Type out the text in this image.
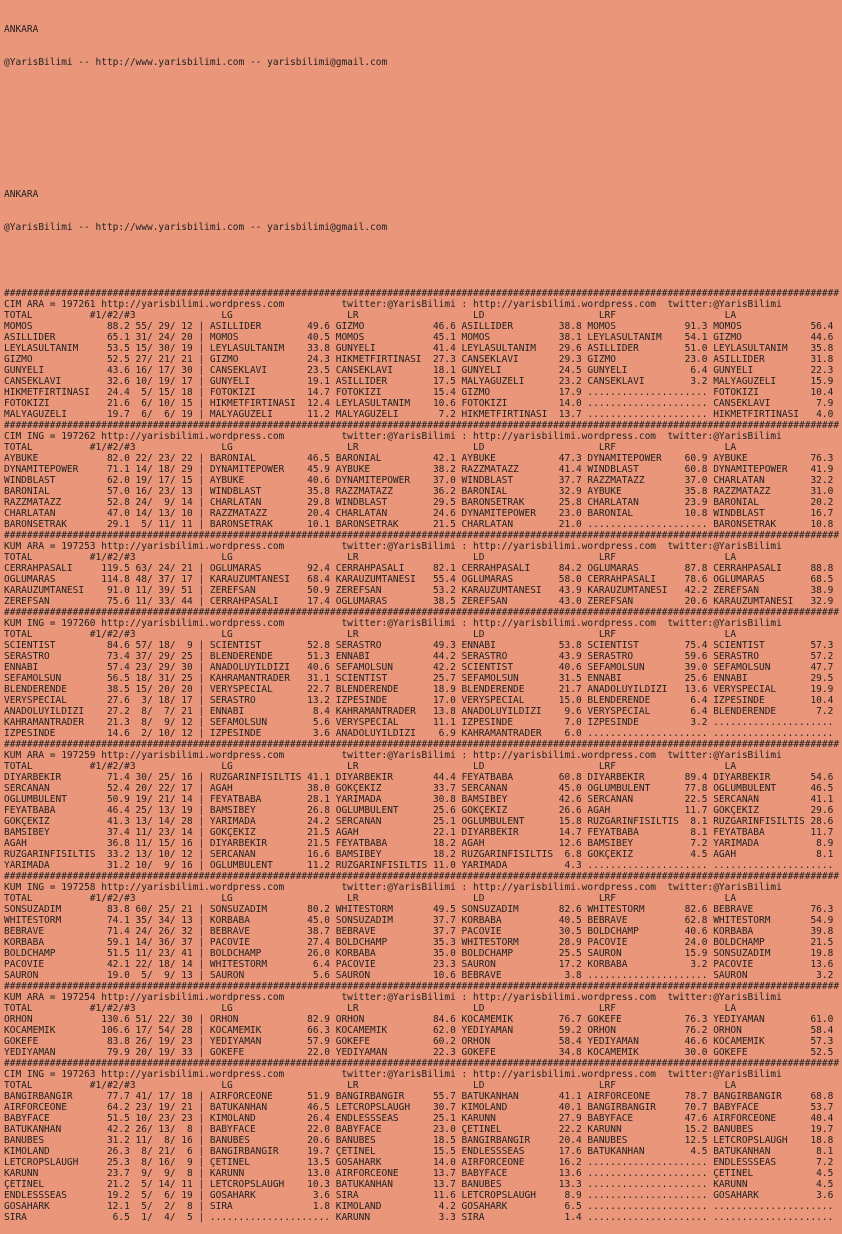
ANKARA

@YarisBilimi -- http://www.yarisbilimi.com -- yarisbilimi@gmail.com

ANKARA

@YarisBilimi -- http://www.yarisbilimi.com -- yarisbilimi@gmail.com

##################################################################################################################################################
CIM ARA = 197261 http://yarisbilimi.wordpress.com          twitter:@YarisBilimi : http://yarisbilimi.wordpress.com  twitter:@YarisBilimi
TOTAL          #1/#2/#3               LG                    LR                    LD                    LRF                   LA
MOMOS             88.2 55/ 29/ 12 | ASILLIDER        49.6 GIZMO            46.6 ASILLIDER        38.8 MOMOS            91.3 MOMOS            56.4
ASILLIDER         65.1 31/ 24/ 20 | MOMOS            40.5 MOMOS            45.1 MOMOS            38.1 LEYLASULTANIM    54.1 GIZMO            44.6
LEYLASULTANIM     53.5 15/ 30/ 19 | LEYLASULTANIM    33.8 GÜNYELI          41.4 LEYLASULTANIM    29.6 ASILLIDER        51.0 LEYLASULTANIM    35.8
GIZMO             52.5 27/ 21/ 21 | GIZMO            24.3 HIKMETFIRTINASI  27.3 CANSEKLAVI       29.3 GIZMO            23.0 ASILLIDER        31.8
GÜNYELI           43.6 16/ 17/ 30 | CANSEKLAVI       23.5 CANSEKLAVI       18.1 GÜNYELI          24.5 GÜNYELI           6.4 GÜNYELI          22.3
CANSEKLAVI        32.6 10/ 19/ 17 | GÜNYELI          19.1 ASILLIDER        17.5 MALYAGÜZELI      23.2 CANSEKLAVI        3.2 MALYAGÜZELI      15.9
HIKMETFIRTINASI   24.4  5/ 15/ 18 | FOTOKIZI         14.7 FOTOKIZI         15.4 GIZMO            17.9 ..................... FOTOKIZI         10.4
FOTOKIZI          21.6  6/ 10/ 15 | HIKMETFIRTINASI  12.4 LEYLASULTANIM    10.6 FOTOKIZI         14.0 ..................... CANSEKLAVI        7.9
MALYAGÜZELI       19.7  6/  6/ 19 | MALYAGÜZELI      11.2 MALYAGÜZELI       7.2 HIKMETFIRTINASI  13.7 ..................... HIKMETFIRTINASI   4.0
##################################################################################################################################################
CIM ING = 197262 http://yarisbilimi.wordpress.com          twitter:@YarisBilimi : http://yarisbilimi.wordpress.com  twitter:@YarisBilimi
TOTAL          #1/#2/#3               LG                    LR                    LD                    LRF                   LA
AYBÜKE            82.0 22/ 23/ 22 | BARONIAL         46.5 BARONIAL         42.1 AYBÜKE           47.3 DYNAMITEPOWER    60.9 AYBÜKE           76.3
DYNAMITEPOWER     71.1 14/ 18/ 29 | DYNAMITEPOWER    45.9 AYBÜKE           38.2 RAZZMATAZZ       41.4 WINDBLAST        60.8 DYNAMITEPOWER    41.9
WINDBLAST         62.0 19/ 17/ 15 | AYBÜKE           40.6 DYNAMITEPOWER    37.0 WINDBLAST        37.7 RAZZMATAZZ       37.0 CHARLATAN        32.2
BARONIAL          57.0 16/ 23/ 13 | WINDBLAST        35.8 RAZZMATAZZ       36.2 BARONIAL         32.9 AYBÜKE           35.8 RAZZMATAZZ       31.0
RAZZMATAZZ        52.8 24/  9/ 14 | CHARLATAN        29.8 WINDBLAST        29.5 BARONSETRAK      25.8 CHARLATAN        23.9 BARONIAL         20.2
CHARLATAN         47.0 14/ 13/ 10 | RAZZMATAZZ       20.4 CHARLATAN        24.6 DYNAMITEPOWER    23.0 BARONIAL         10.8 WINDBLAST        16.7
BARONSETRAK       29.1  5/ 11/ 11 | BARONSETRAK      10.1 BARONSETRAK      21.5 CHARLATAN        21.0 ..................... BARONSETRAK      10.8
##################################################################################################################################################
KUM ARA = 197253 http://yarisbilimi.wordpress.com          twitter:@YarisBilimi : http://yarisbilimi.wordpress.com  twitter:@YarisBilimi
TOTAL          #1/#2/#3               LG                    LR                    LD                    LRF                   LA
CERRAHPASALI     119.5 63/ 24/ 21 | OGLUMARAS        92.4 CERRAHPASALI     82.1 CERRAHPASALI     84.2 OGLUMARAS        87.8 CERRAHPASALI     88.8
OGLUMARAS        114.8 48/ 37/ 17 | KARAÜZÜMTANESI   68.4 KARAÜZÜMTANESI   55.4 OGLUMARAS        58.0 CERRAHPASALI     78.6 OGLUMARAS        68.5
KARAÜZÜMTANESI    91.0 11/ 39/ 51 | ZEREFSAN         50.9 ZEREFSAN         53.2 KARAÜZÜMTANESI   43.9 KARAÜZÜMTANESI   42.2 ZEREFSAN         38.9
ZEREFSAN          75.6 11/ 33/ 44 | CERRAHPASALI     17.4 OGLUMARAS        38.5 ZEREFSAN         43.0 ZEREFSAN         20.6 KARAÜZÜMTANESI   32.9
##################################################################################################################################################
KUM ING = 197260 http://yarisbilimi.wordpress.com          twitter:@YarisBilimi : http://yarisbilimi.wordpress.com  twitter:@YarisBilimi
TOTAL          #1/#2/#3               LG                    LR                    LD                    LRF                   LA
SCIENTIST         84.6 57/ 18/  9 | SCIENTIST        52.8 SERASTRO         49.3 ENNABI           53.8 SCIENTIST        75.4 SCIENTIST        57.3
SERASTRO          73.4 37/ 29/ 25 | BLENDERENDE      51.3 ENNABI           44.2 SERASTRO         43.9 SERASTRO         59.6 SERASTRO         57.2
ENNABI            57.4 23/ 29/ 30 | ANADOLUYILDIZI   40.6 SEFAMOLSUN       42.2 SCIENTIST        40.6 SEFAMOLSUN       39.0 SEFAMOLSUN       47.7
SEFAMOLSUN        56.5 18/ 31/ 25 | KAHRAMANTRADER   31.1 SCIENTIST        25.7 SEFAMOLSUN       31.5 ENNABI           25.6 ENNABI           29.5
BLENDERENDE       38.5 15/ 20/ 20 | VERYSPECIAL      22.7 BLENDERENDE      18.9 BLENDERENDE      21.7 ANADOLUYILDIZI   13.6 VERYSPECIAL      19.9
VERYSPECIAL       27.6  3/ 18/ 17 | SERASTRO         13.2 IZPESINDE        17.0 VERYSPECIAL      15.0 BLENDERENDE       6.4 IZPESINDE        10.4
ANADOLUYILDIZI    27.2  8/  7/ 21 | ENNABI            8.4 KAHRAMANTRADER   13.8 ANADOLUYILDIZI    9.6 VERYSPECIAL       6.4 BLENDERENDE       7.2
KAHRAMANTRADER    21.3  8/  9/ 12 | SEFAMOLSUN        5.6 VERYSPECIAL      11.1 IZPESINDE         7.0 IZPESINDE         3.2 .....................
IZPESINDE         14.6  2/ 10/ 12 | IZPESINDE         3.6 ANADOLUYILDIZI    6.9 KAHRAMANTRADER    6.0 ..................... .....................
##################################################################################################################################################
KUM ARA = 197259 http://yarisbilimi.wordpress.com          twitter:@YarisBilimi : http://yarisbilimi.wordpress.com  twitter:@YarisBilimi
TOTAL          #1/#2/#3               LG                    LR                    LD                    LRF                   LA
DIYARBEKIR        71.4 30/ 25/ 16 | RÜZGARINFISILTIS 41.1 DIYARBEKIR       44.4 FEYATBABA        60.8 DIYARBEKIR       89.4 DIYARBEKIR       54.6
SERCANAN          52.4 20/ 22/ 17 | AGAH             38.0 GÖKÇEKIZ         33.7 SERCANAN         45.0 OGLUMBÜLENT      77.8 OGLUMBÜLENT      46.5
OGLUMBÜLENT       50.9 19/ 21/ 14 | FEYATBABA        28.1 YARIMADA         30.8 BAMSIBEY         42.6 SERCANAN         22.5 SERCANAN         41.1
FEYATBABA         46.4 25/ 13/ 19 | BAMSIBEY         26.8 OGLUMBÜLENT      25.6 GÖKÇEKIZ         26.6 AGAH             11.7 GÖKÇEKIZ         29.6
GÖKÇEKIZ          41.3 13/ 14/ 28 | YARIMADA         24.2 SERCANAN         25.1 OGLUMBÜLENT      15.8 RÜZGARINFISILTIS  8.1 RÜZGARINFISILTIS 28.6
BAMSIBEY          37.4 11/ 23/ 14 | GÖKÇEKIZ         21.5 AGAH             22.1 DIYARBEKIR       14.7 FEYATBABA         8.1 FEYATBABA        11.7
AGAH              36.8 11/ 15/ 16 | DIYARBEKIR       21.5 FEYATBABA        18.2 AGAH             12.6 BAMSIBEY          7.2 YARIMADA          8.9
RÜZGARINFISILTIS  33.2 13/ 10/ 12 | SERCANAN         16.6 BAMSIBEY         18.2 RÜZGARINFISILTIS  6.8 GÖKÇEKIZ          4.5 AGAH              8.1
YARIMADA          31.2 10/  9/ 16 | OGLUMBÜLENT      11.2 RÜZGARINFISILTIS 11.0 YARIMADA          4.3 ..................... .....................
##################################################################################################################################################
KUM ING = 197258 http://yarisbilimi.wordpress.com          twitter:@YarisBilimi : http://yarisbilimi.wordpress.com  twitter:@YarisBilimi
TOTAL          #1/#2/#3               LG                    LR                    LD                    LRF                   LA
SONSUZADIM        83.8 60/ 25/ 21 | SONSUZADIM       80.2 WHITESTORM       49.5 SONSUZADIM       82.6 WHITESTORM       82.6 BEBRAVE          76.3
WHITESTORM        74.1 35/ 34/ 13 | KÖRBABA          45.0 SONSUZADIM       37.7 KÖRBABA          40.5 BEBRAVE          62.8 WHITESTORM       54.9
BEBRAVE           71.4 24/ 26/ 32 | BEBRAVE          38.7 BEBRAVE          37.7 PACOVIE          30.5 BOLDCHAMP        40.6 KÖRBABA          39.8
KÖRBABA           59.1 14/ 36/ 37 | PACOVIE          27.4 BOLDCHAMP        35.3 WHITESTORM       28.9 PACOVIE          24.0 BOLDCHAMP        21.5
BOLDCHAMP         51.5 11/ 23/ 41 | BOLDCHAMP        26.0 KÖRBABA          35.0 BOLDCHAMP        25.5 SAURON           15.9 SONSUZADIM       19.8
PACOVIE           42.1 22/ 18/ 14 | WHITESTORM        6.4 PACOVIE          23.3 SAURON           17.2 KÖRBABA           3.2 PACOVIE          13.6
SAURON            19.0  5/  9/ 13 | SAURON            5.6 SAURON           10.6 BEBRAVE           3.8 ..................... SAURON            3.2
##################################################################################################################################################
KUM ARA = 197254 http://yarisbilimi.wordpress.com          twitter:@YarisBilimi : http://yarisbilimi.wordpress.com  twitter:@YarisBilimi
TOTAL          #1/#2/#3               LG                    LR                    LD                    LRF                   LA
ORHON            130.6 51/ 22/ 30 | ORHON            82.9 ORHON            84.6 KOCAMEMIK        76.7 GÖKEFE           76.3 YEDIYAMAN        61.0
KOCAMEMIK        106.6 17/ 54/ 28 | KOCAMEMIK        66.3 KOCAMEMIK        62.0 YEDIYAMAN        59.2 ORHON            76.2 ORHON            58.4
GÖKEFE            83.8 26/ 19/ 23 | YEDIYAMAN        57.9 GÖKEFE           60.2 ORHON            58.4 YEDIYAMAN        46.6 KOCAMEMIK        57.3
YEDIYAMAN         79.9 20/ 19/ 33 | GÖKEFE           22.0 YEDIYAMAN        22.3 GÖKEFE           34.8 KOCAMEMIK        30.0 GÖKEFE           52.5
##################################################################################################################################################
CIM ING = 197263 http://yarisbilimi.wordpress.com          twitter:@YarisBilimi : http://yarisbilimi.wordpress.com  twitter:@YarisBilimi
TOTAL          #1/#2/#3               LG                    LR                    LD                    LRF                   LA
BANGIRBANGIR      77.7 41/ 17/ 18 | AIRFORCEONE      51.9 BANGIRBANGIR     55.7 BATUKANHAN       41.1 AIRFORCEONE      78.7 BANGIRBANGIR     68.8
AIRFORCEONE       64.2 23/ 19/ 21 | BATUKANHAN       46.5 LETCROPSLAUGH    30.7 KIMOLAND         40.1 BANGIRBANGIR     70.7 BABYFACE         53.7
BABYFACE          51.5 10/ 23/ 23 | KIMOLAND         26.4 ENDLESSSEAS      25.1 KARUNN           27.9 BABYFACE         47.6 AIRFORCEONE      40.4
BATUKANHAN        42.2 26/ 13/  8 | BABYFACE         22.0 BABYFACE         23.0 ÇETINEL          22.2 KARUNN           15.2 BANUBES          19.7
BANUBES           31.2 11/  8/ 16 | BANUBES          20.6 BANUBES          18.5 BANGIRBANGIR     20.4 BANUBES          12.5 LETCROPSLAUGH    18.8
KIMOLAND          26.3  8/ 21/  6 | BANGIRBANGIR     19.7 ÇETINEL          15.5 ENDLESSSEAS      17.6 BATUKANHAN        4.5 BATUKANHAN        8.1
LETCROPSLAUGH     25.3  8/ 16/  9 | ÇETINEL          13.5 GOSAHARK         14.0 AIRFORCEONE      16.2 ..................... ENDLESSSEAS       7.2
KARUNN            23.7  9/  9/  8 | KARUNN           13.0 AIRFORCEONE      13.7 BABYFACE         13.6 ..................... ÇETINEL           4.5
ÇETINEL           21.2  5/ 14/ 11 | LETCROPSLAUGH    10.3 BATUKANHAN       13.7 BANUBES          13.3 ..................... KARUNN            4.5
ENDLESSSEAS       19.2  5/  6/ 19 | GOSAHARK          3.6 SIRA             11.6 LETCROPSLAUGH     8.9 ..................... GOSAHARK          3.6
GOSAHARK          12.1  5/  2/  8 | SIRA              1.8 KIMOLAND          4.2 GOSAHARK          6.5 ..................... .....................
SIRA               6.5  1/  4/  5 | ..................... KARUNN            3.3 SIRA              1.4 ..................... .....................
